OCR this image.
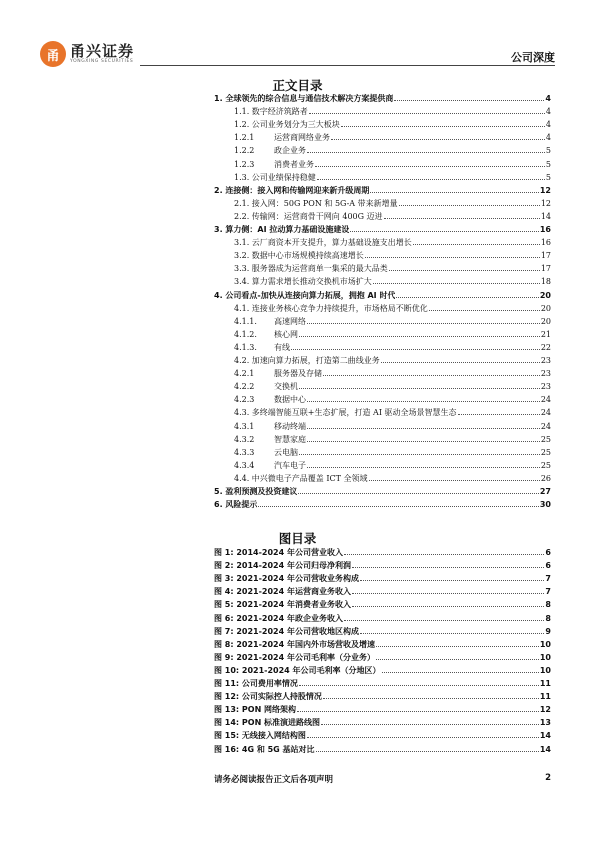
甬 甬兴证券
YONGXING SECURITIES	公司深度
正文目录
1. 全球领先的综合信息与通信技术解决方案提供商	4
1.1. 数字经济筑路者	4
1.2. 公司业务划分为三大板块	4
1.2.1 运营商网络业务	4
1.2.2 政企业务	5
1.2.3 消费者业务	5
1.3. 公司业绩保持稳健	5
2. 连接侧：接入网和传输网迎来新升级周期	12
2.1. 接入网：50G PON 和 5G-A 带来新增量	12
2.2. 传输网：运营商骨干网向 400G 迈进	14
3. 算力侧：AI 拉动算力基础设施建设	16
3.1. 云厂商资本开支提升，算力基础设施支出增长	16
3.2. 数据中心市场规模持续高速增长	17
3.3. 服务器成为运营商单一集采的最大品类	17
3.4. 算力需求增长推动交换机市场扩大	18
4. 公司看点-加快从连接向算力拓展，拥抱 AI 时代	20
4.1. 连接业务核心竞争力持续提升，市场格局不断优化	20
4.1.1. 高速网络	20
4.1.2. 核心网	21
4.1.3. 有线	22
4.2. 加速向算力拓展，打造第二曲线业务	23
4.2.1 服务器及存储	23
4.2.2 交换机	23
4.2.3 数据中心	24
4.3. 多终端智能互联+生态扩展，打造 AI 驱动全场景智慧生态	24
4.3.1 移动终端	24
4.3.2 智慧家庭	25
4.3.3 云电脑	25
4.3.4 汽车电子	25
4.4. 中兴微电子产品覆盖 ICT 全领域	26
5. 盈利预测及投资建议	27
6. 风险提示	30
图目录
图 1: 2014-2024 年公司营业收入	6
图 2: 2014-2024 年公司归母净利润	6
图 3: 2021-2024 年公司营收业务构成	7
图 4: 2021-2024 年运营商业务收入	7
图 5: 2021-2024 年消费者业务收入	8
图 6: 2021-2024 年政企业务收入	8
图 7: 2021-2024 年公司营收地区构成	9
图 8: 2021-2024 年国内外市场营收及增速	10
图 9: 2021-2024 年公司毛利率（分业务）	10
图 10: 2021-2024 年公司毛利率（分地区）	10
图 11: 公司费用率情况	11
图 12: 公司实际控人持股情况	11
图 13: PON 网络架构	12
图 14: PON 标准演进路线图	13
图 15: 无线接入网结构图	14
图 16: 4G 和 5G 基站对比	14
请务必阅读报告正文后各项声明	2
